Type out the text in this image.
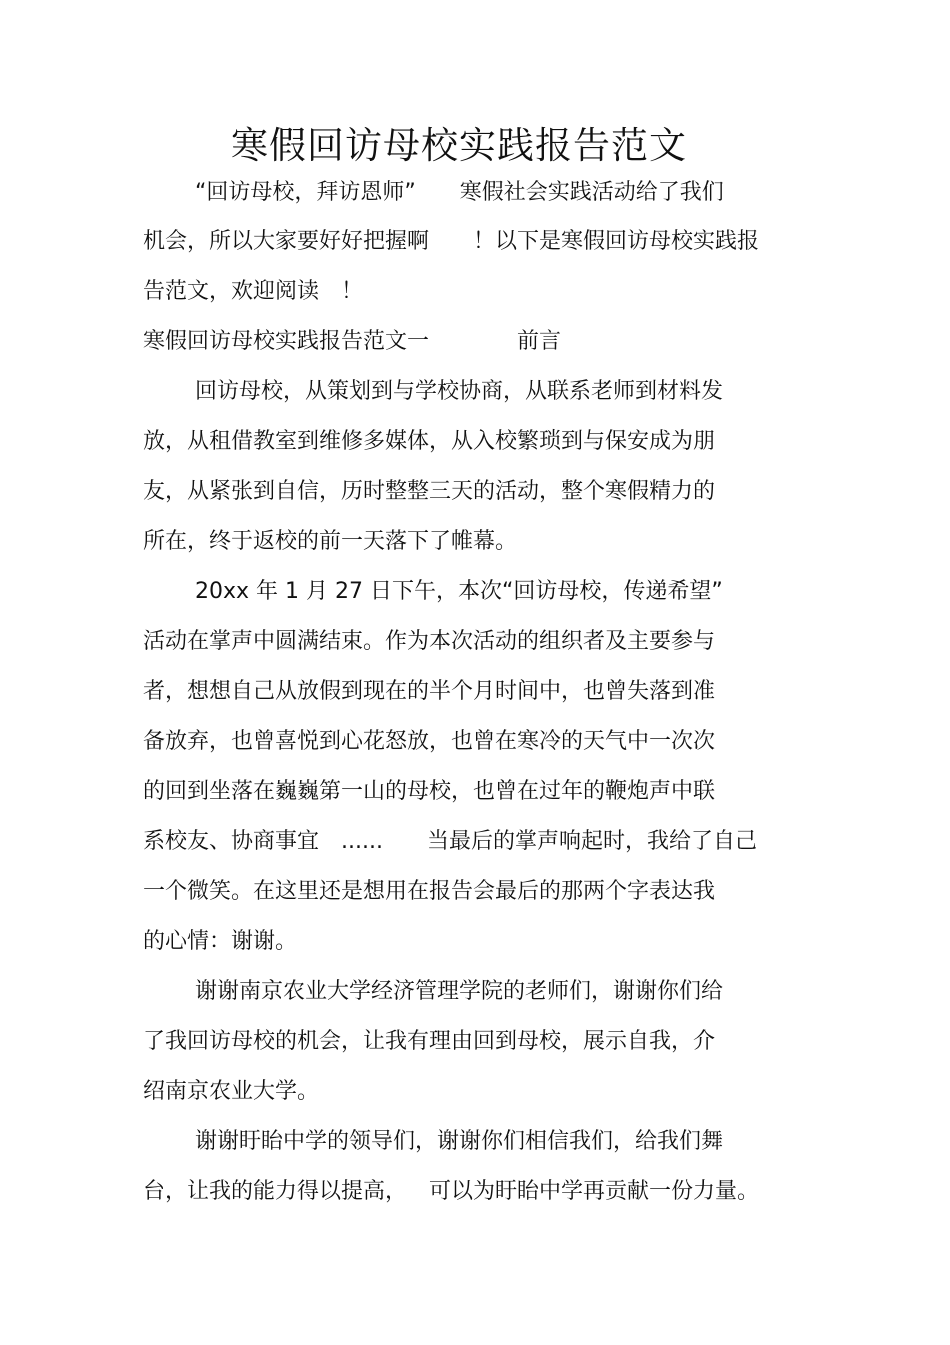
寒假回访母校实践报告范文
“回访母校，拜访恩师”  寒假社会实践活动给了我们
机会，所以大家要好好把握啊  ！以下是寒假回访母校实践报
告范文，欢迎阅读 ！
寒假回访母校实践报告范文一    前言
回访母校，从策划到与学校协商，从联系老师到材料发
放，从租借教室到维修多媒体，从入校繁琐到与保安成为朋
友，从紧张到自信，历时整整三天的活动，整个寒假精力的
所在，终于返校的前一天落下了帷幕。
20xx 年 1 月 27 日下午，本次“回访母校，传递希望”
活动在掌声中圆满结束。作为本次活动的组织者及主要参与
者，想想自己从放假到现在的半个月时间中，也曾失落到准
备放弃，也曾喜悦到心花怒放，也曾在寒冷的天气中一次次
的回到坐落在巍巍第一山的母校，也曾在过年的鞭炮声中联
系校友、协商事宜 ......  当最后的掌声响起时，我给了自己
一个微笑。在这里还是想用在报告会最后的那两个字表达我
的心情：谢谢。
谢谢南京农业大学经济管理学院的老师们，谢谢你们给
了我回访母校的机会，让我有理由回到母校，展示自我，介
绍南京农业大学。
谢谢盱眙中学的领导们，谢谢你们相信我们，给我们舞
台，让我的能力得以提高， 可以为盱眙中学再贡献一份力量。
